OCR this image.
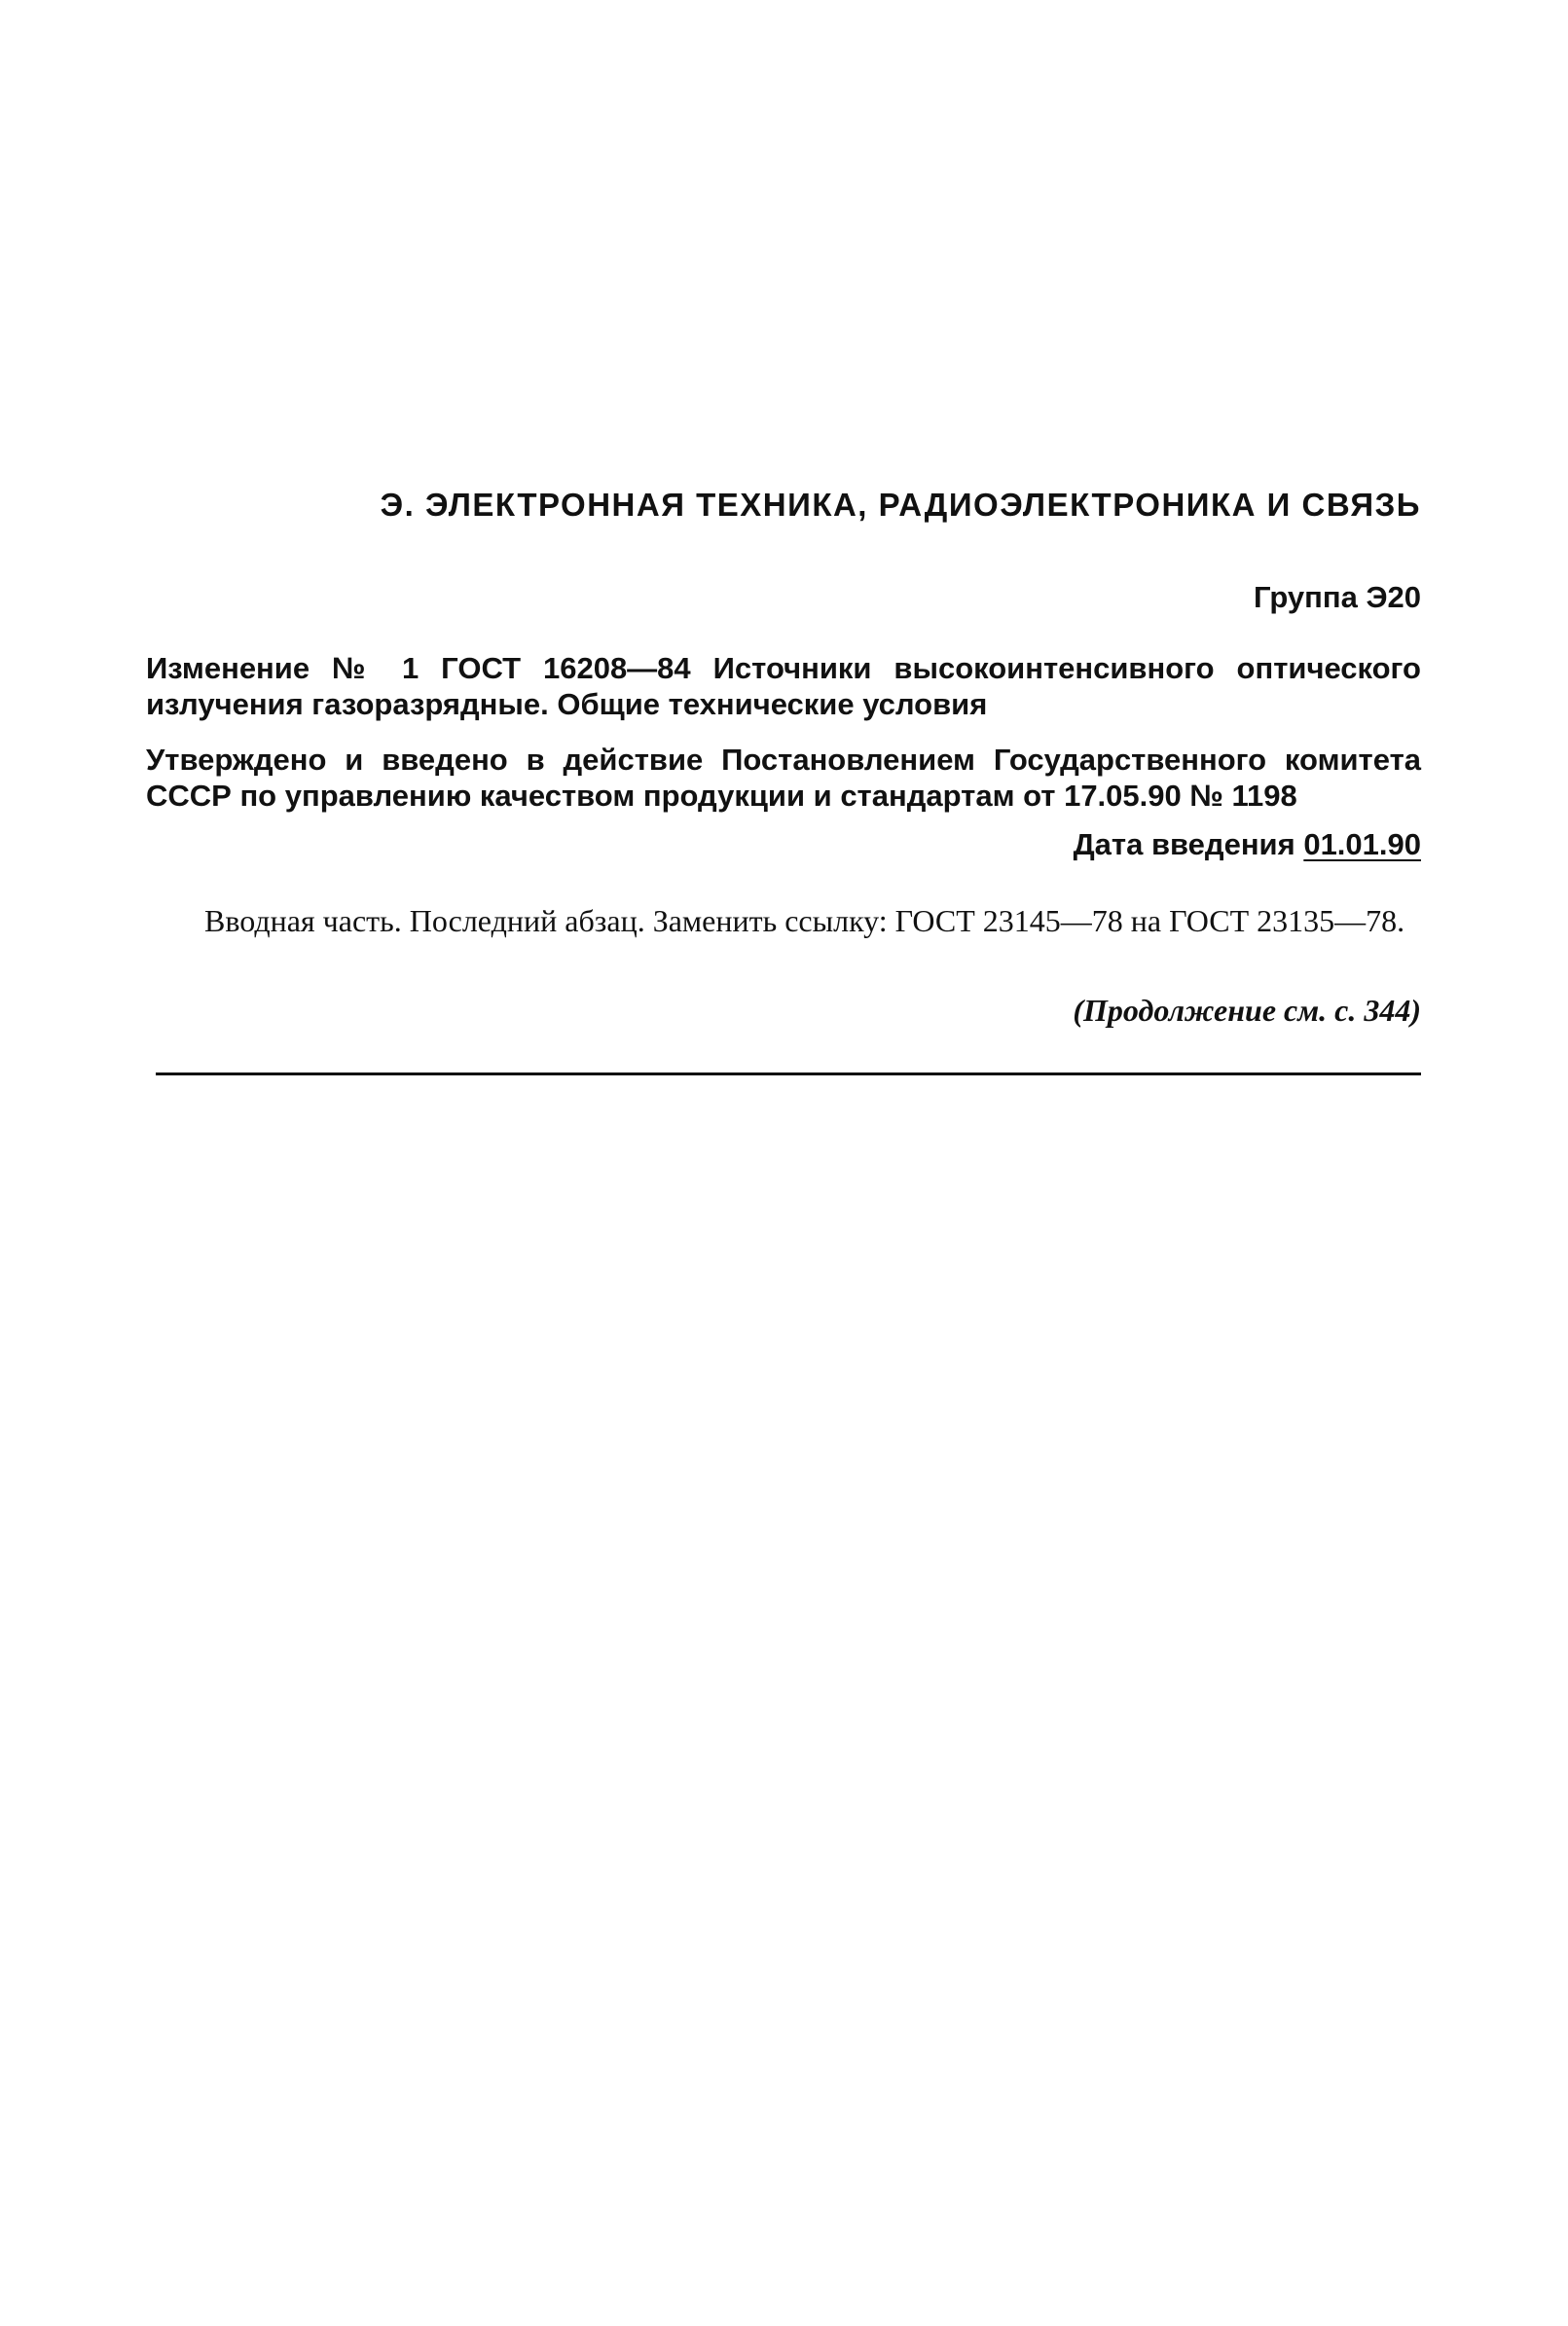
Э. ЭЛЕКТРОННАЯ ТЕХНИКА, РАДИОЭЛЕКТРОНИКА И СВЯЗЬ
Группа Э20
Изменение № 1 ГОСТ 16208—84 Источники высокоинтенсивного оптического излучения газоразрядные. Общие технические условия
Утверждено и введено в действие Постановлением Государственного комитета СССР по управлению качеством продукции и стандартам от 17.05.90 № 1198
Дата введения 01.01.90
Вводная часть. Последний абзац. Заменить ссылку: ГОСТ 23145—78 на ГОСТ 23135—78.
(Продолжение см. с. 344)
